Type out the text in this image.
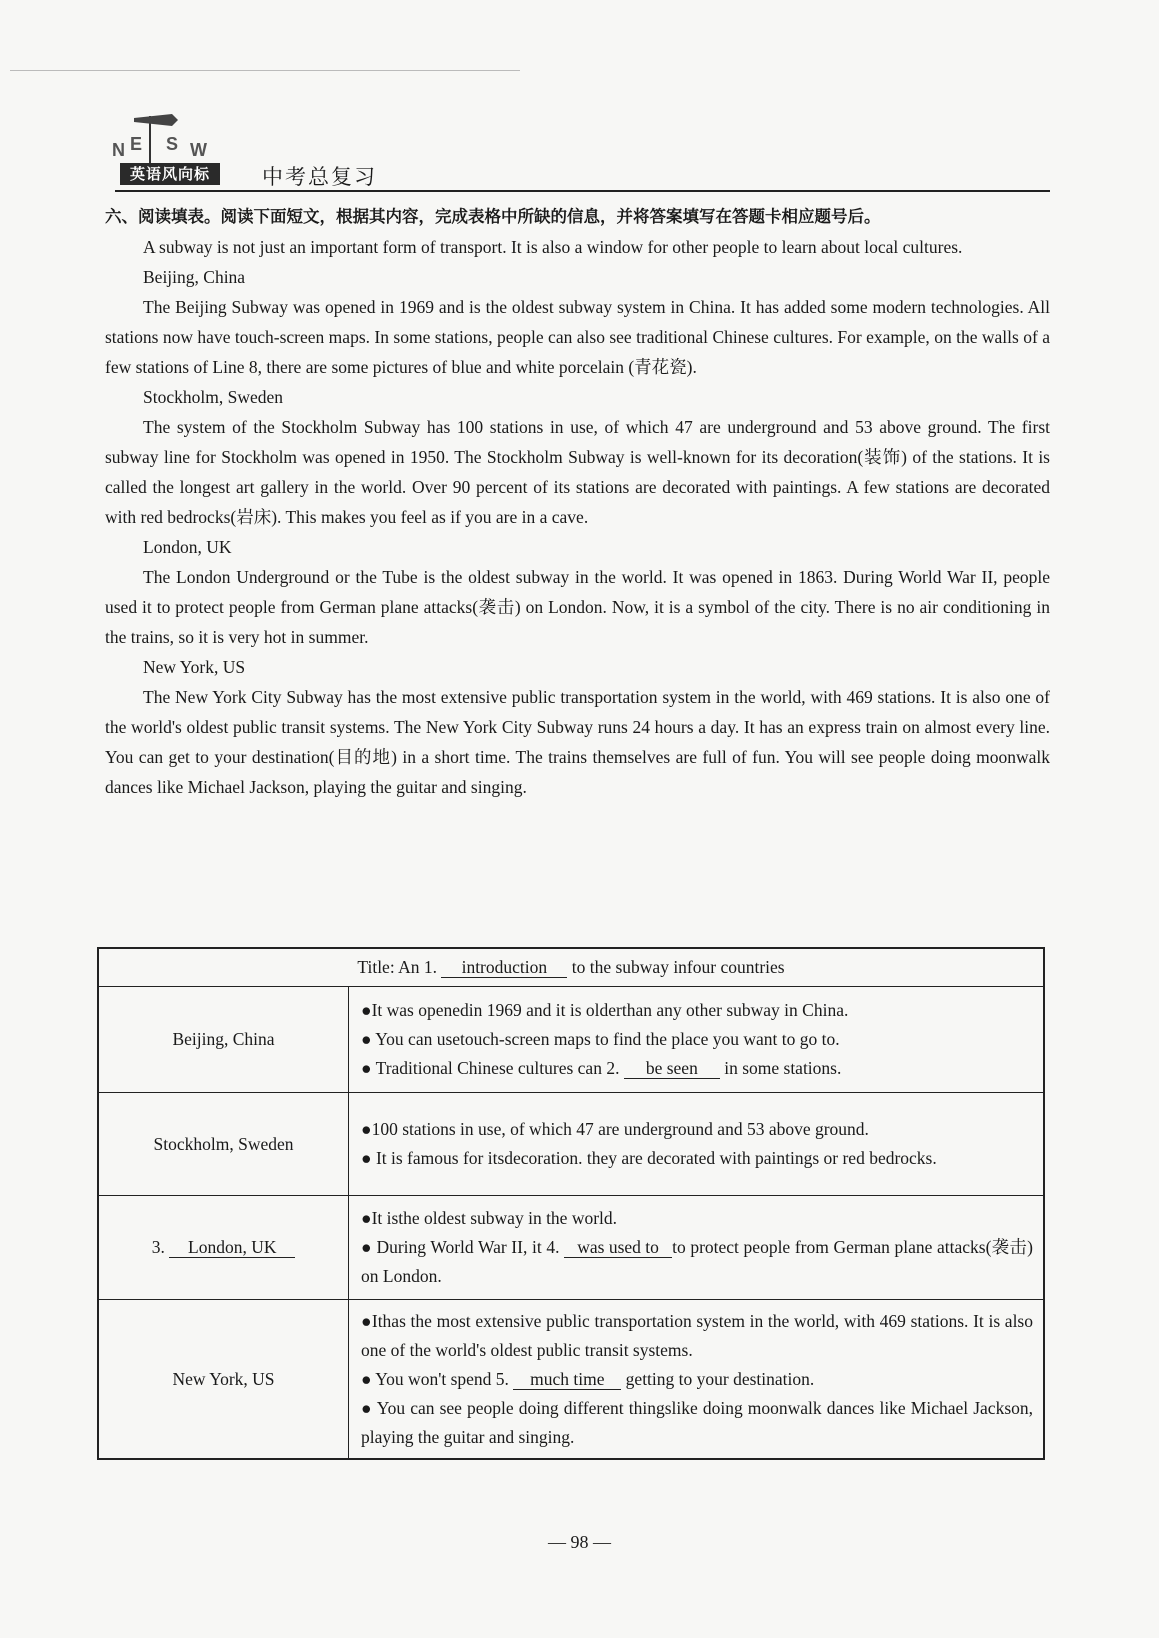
N E S W
英语风向标	中考总复习
六、阅读填表。阅读下面短文，根据其内容，完成表格中所缺的信息，并将答案填写在答题卡相应题号后。

A subway is not just an important form of transport. It is also a window for other people to learn about local cultures.

Beijing, China

The Beijing Subway was opened in 1969 and is the oldest subway system in China. It has added some modern technologies. All stations now have touch-screen maps. In some stations, people can also see traditional Chinese cultures. For example, on the walls of a few stations of Line 8, there are some pictures of blue and white porcelain (青花瓷).

Stockholm, Sweden

The system of the Stockholm Subway has 100 stations in use, of which 47 are underground and 53 above ground. The first subway line for Stockholm was opened in 1950. The Stockholm Subway is well-known for its decoration(装饰) of the stations. It is called the longest art gallery in the world. Over 90 percent of its stations are decorated with paintings. A few stations are decorated with red bedrocks(岩床). This makes you feel as if you are in a cave.

London, UK

The London Underground or the Tube is the oldest subway in the world. It was opened in 1863. During World War II, people used it to protect people from German plane attacks(袭击) on London. Now, it is a symbol of the city. There is no air conditioning in the trains, so it is very hot in summer.

New York, US

The New York City Subway has the most extensive public transportation system in the world, with 469 stations. It is also one of the world's oldest public transit systems. The New York City Subway runs 24 hours a day. It has an express train on almost every line. You can get to your destination(目的地) in a short time. The trains themselves are full of fun. You will see people doing moonwalk dances like Michael Jackson, playing the guitar and singing.

Title: An 1. introduction to the subway infour countries
Beijing, China

●It was openedin 1969 and it is olderthan any other subway in China.

● You can usetouch-screen maps to find the place you want to go to.

● Traditional Chinese cultures can 2. be seen in some stations.

Stockholm, Sweden

●100 stations in use, of which 47 are underground and 53 above ground.

● It is famous for itsdecoration. they are decorated with paintings or red bedrocks.

3.
	London, UK

●It isthe oldest subway in the world.

● During World War II, it 4. was used to to protect people from German plane attacks(袭击) on London.

New York, US

●Ithas the most extensive public transportation system in the world, with 469 stations. It is also one of the world's oldest public transit systems.

● You won't spend 5. much time getting to your destination.

● You can see people doing different thingslike doing moonwalk dances like Michael Jackson, playing the guitar and singing.

— 98 —
